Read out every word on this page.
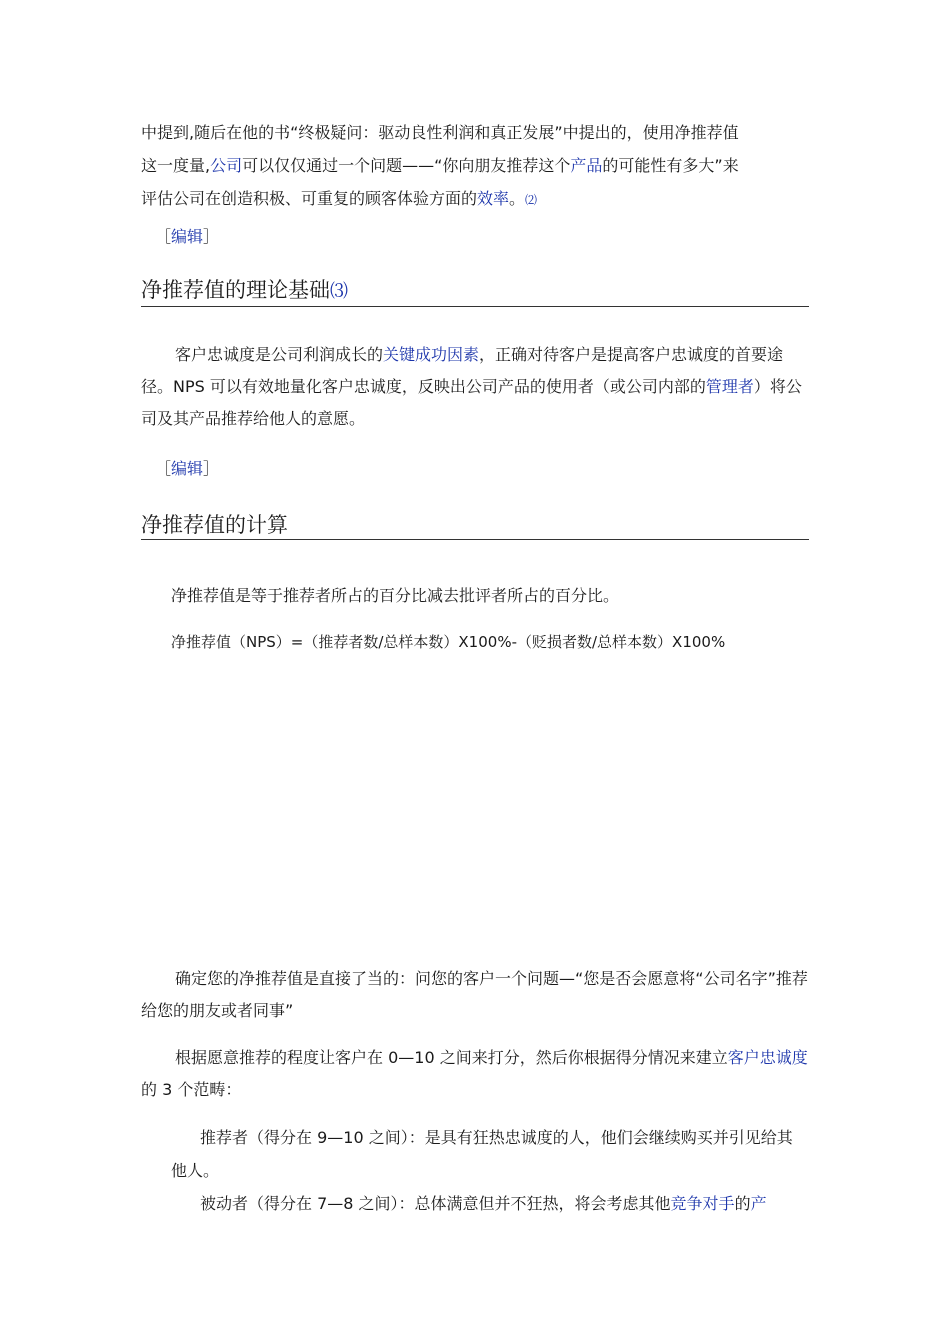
中提到,随后在他的书“终极疑问：驱动良性利润和真正发展”中提出的，使用净推荐值
这一度量,公司可以仅仅通过一个问题——“你向朋友推荐这个产品的可能性有多大”来
评估公司在创造积极、可重复的顾客体验方面的效率。⑵
［编辑］
净推荐值的理论基础⑶

客户忠诚度是公司利润成长的关键成功因素，正确对待客户是提高客户忠诚度的首要途径。NPS 可以有效地量化客户忠诚度，反映出公司产品的使用者（或公司内部的管理者）将公司及其产品推荐给他人的意愿。

［编辑］
净推荐值的计算

净推荐值是等于推荐者所占的百分比减去批评者所占的百分比。

净推荐值（NPS）=（推荐者数/总样本数）X100%-（贬损者数/总样本数）X100%

确定您的净推荐值是直接了当的：问您的客户一个问题—“您是否会愿意将“公司名字”推荐给您的朋友或者同事”

根据愿意推荐的程度让客户在 0—10 之间来打分，然后你根据得分情况来建立客户忠诚度的 3 个范畴：

推荐者（得分在 9—10 之间）：是具有狂热忠诚度的人，他们会继续购买并引见给其他人。

被动者（得分在 7—8 之间）：总体满意但并不狂热，将会考虑其他竞争对手的产
